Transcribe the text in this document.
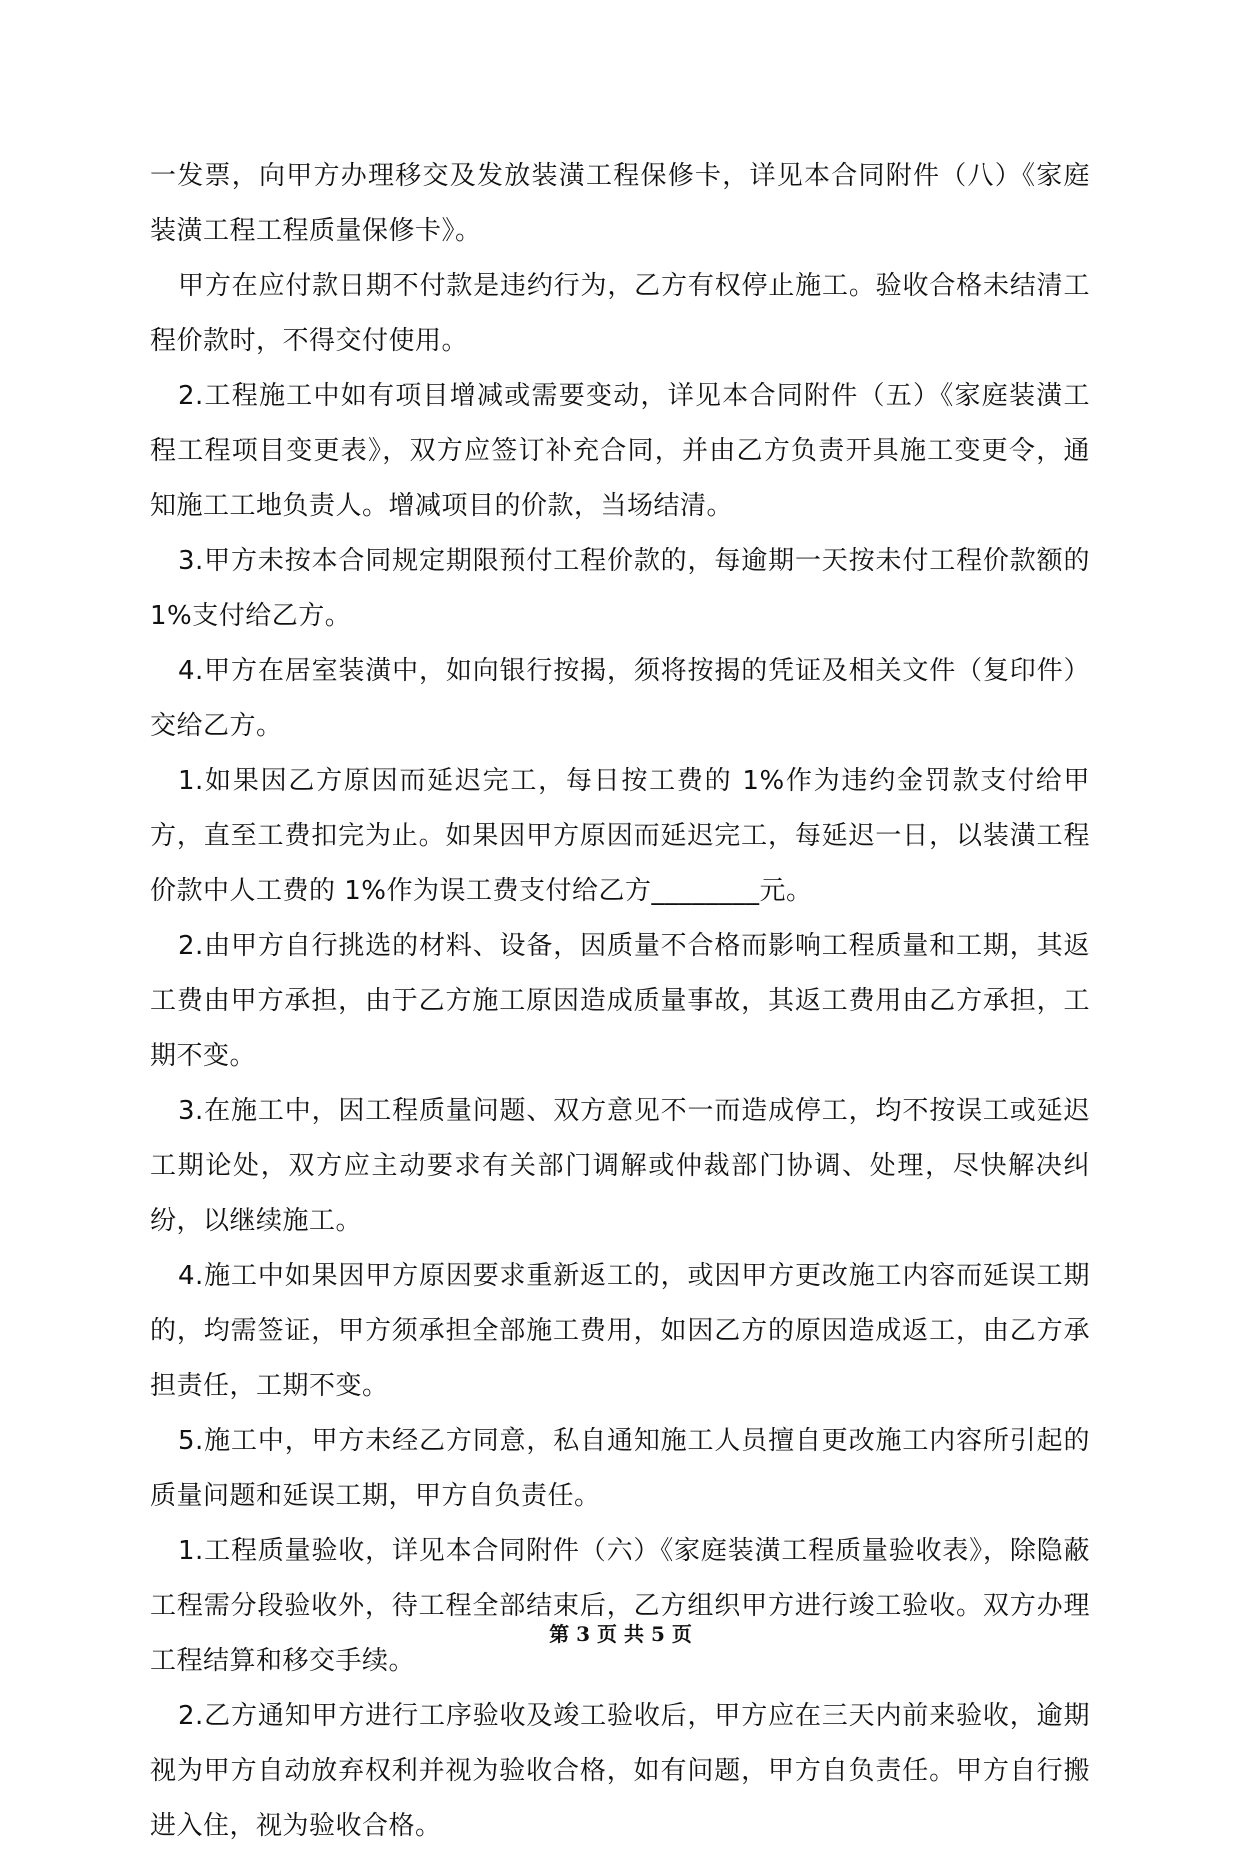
一发票，向甲方办理移交及发放装潢工程保修卡，详见本合同附件（八）《家庭装潢工程工程质量保修卡》。

甲方在应付款日期不付款是违约行为，乙方有权停止施工。验收合格未结清工程价款时，不得交付使用。

2.工程施工中如有项目增减或需要变动，详见本合同附件（五）《家庭装潢工程工程项目变更表》，双方应签订补充合同，并由乙方负责开具施工变更令，通知施工工地负责人。增减项目的价款，当场结清。

3.甲方未按本合同规定期限预付工程价款的，每逾期一天按未付工程价款额的 1%支付给乙方。

4.甲方在居室装潢中，如向银行按揭，须将按揭的凭证及相关文件（复印件）交给乙方。

1.如果因乙方原因而延迟完工，每日按工费的 1%作为违约金罚款支付给甲方，直至工费扣完为止。如果因甲方原因而延迟完工，每延迟一日，以装潢工程价款中人工费的 1%作为误工费支付给乙方________元。

2.由甲方自行挑选的材料、设备，因质量不合格而影响工程质量和工期，其返工费由甲方承担，由于乙方施工原因造成质量事故，其返工费用由乙方承担，工期不变。

3.在施工中，因工程质量问题、双方意见不一而造成停工，均不按误工或延迟工期论处，双方应主动要求有关部门调解或仲裁部门协调、处理，尽快解决纠纷，以继续施工。

4.施工中如果因甲方原因要求重新返工的，或因甲方更改施工内容而延误工期的，均需签证，甲方须承担全部施工费用，如因乙方的原因造成返工，由乙方承担责任，工期不变。

5.施工中，甲方未经乙方同意，私自通知施工人员擅自更改施工内容所引起的质量问题和延误工期，甲方自负责任。

1.工程质量验收，详见本合同附件（六）《家庭装潢工程质量验收表》，除隐蔽工程需分段验收外，待工程全部结束后，乙方组织甲方进行竣工验收。双方办理工程结算和移交手续。

2.乙方通知甲方进行工序验收及竣工验收后，甲方应在三天内前来验收，逾期视为甲方自动放弃权利并视为验收合格，如有问题，甲方自负责任。甲方自行搬进入住，视为验收合格。

第 3 页 共 5 页
